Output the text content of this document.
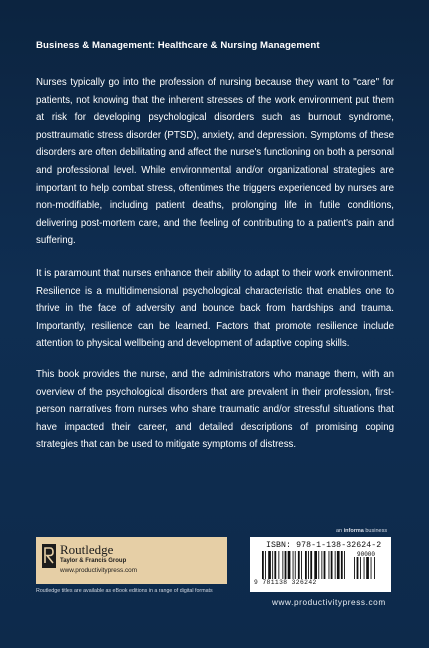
Business & Management: Healthcare & Nursing Management

Nurses typically go into the profession of nursing because they want to "care" for patients, not knowing that the inherent stresses of the work environment put them at risk for developing psychological disorders such as burnout syndrome, posttraumatic stress disorder (PTSD), anxiety, and depression. Symptoms of these disorders are often debilitating and affect the nurse's functioning on both a personal and professional level. While environmental and/or organizational strategies are important to help combat stress, oftentimes the triggers experienced by nurses are non-modifiable, including patient deaths, prolonging life in futile conditions, delivering post-mortem care, and the feeling of contributing to a patient's pain and suffering.

It is paramount that nurses enhance their ability to adapt to their work environment. Resilience is a multidimensional psychological characteristic that enables one to thrive in the face of adversity and bounce back from hardships and trauma. Importantly, resilience can be learned. Factors that promote resilience include attention to physical wellbeing and development of adaptive coping skills.

This book provides the nurse, and the administrators who manage them, with an overview of the psychological disorders that are prevalent in their profession, first-person narratives from nurses who share traumatic and/or stressful situations that have impacted their career, and detailed descriptions of promising coping strategies that can be used to mitigate symptoms of distress.

an informa business
Routledge
Taylor & Francis Group
www.productivitypress.com
Routledge titles are available as eBook editions in a range of digital formats
ISBN: 978-1-138-32624-2
90000
9 781138 326242
www.productivitypress.com
